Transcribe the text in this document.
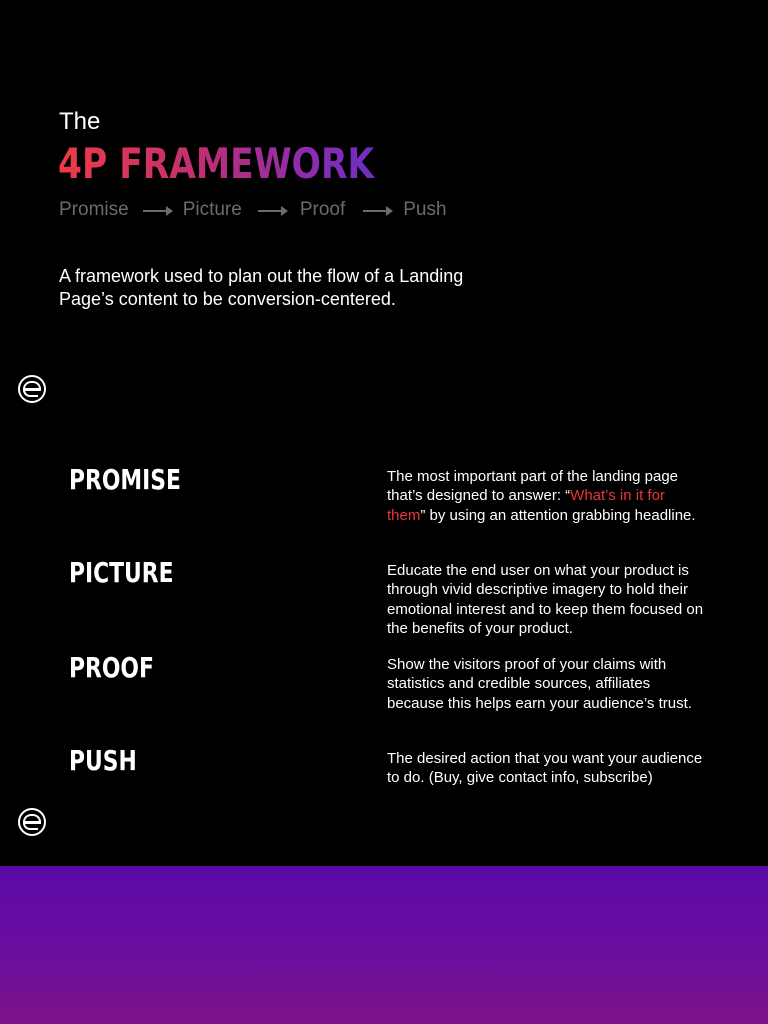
The
4P FRAMEWORK
Promise	Picture	Proof	Push
A framework used to plan out the flow of a Landing
Page’s content to be conversion-centered.
PROMISE	The most important part of the landing page that’s designed to answer: “What’s in it for them” by using an attention grabbing headline.
PICTURE	Educate the end user on what your product is through vivid descriptive imagery to hold their emotional interest and to keep them focused on the benefits of your product.
PROOF	Show the visitors proof of your claims with statistics and credible sources, affiliates because this helps earn your audience’s trust.
PUSH	The desired action that you want your audience to do. (Buy, give contact info, subscribe)
